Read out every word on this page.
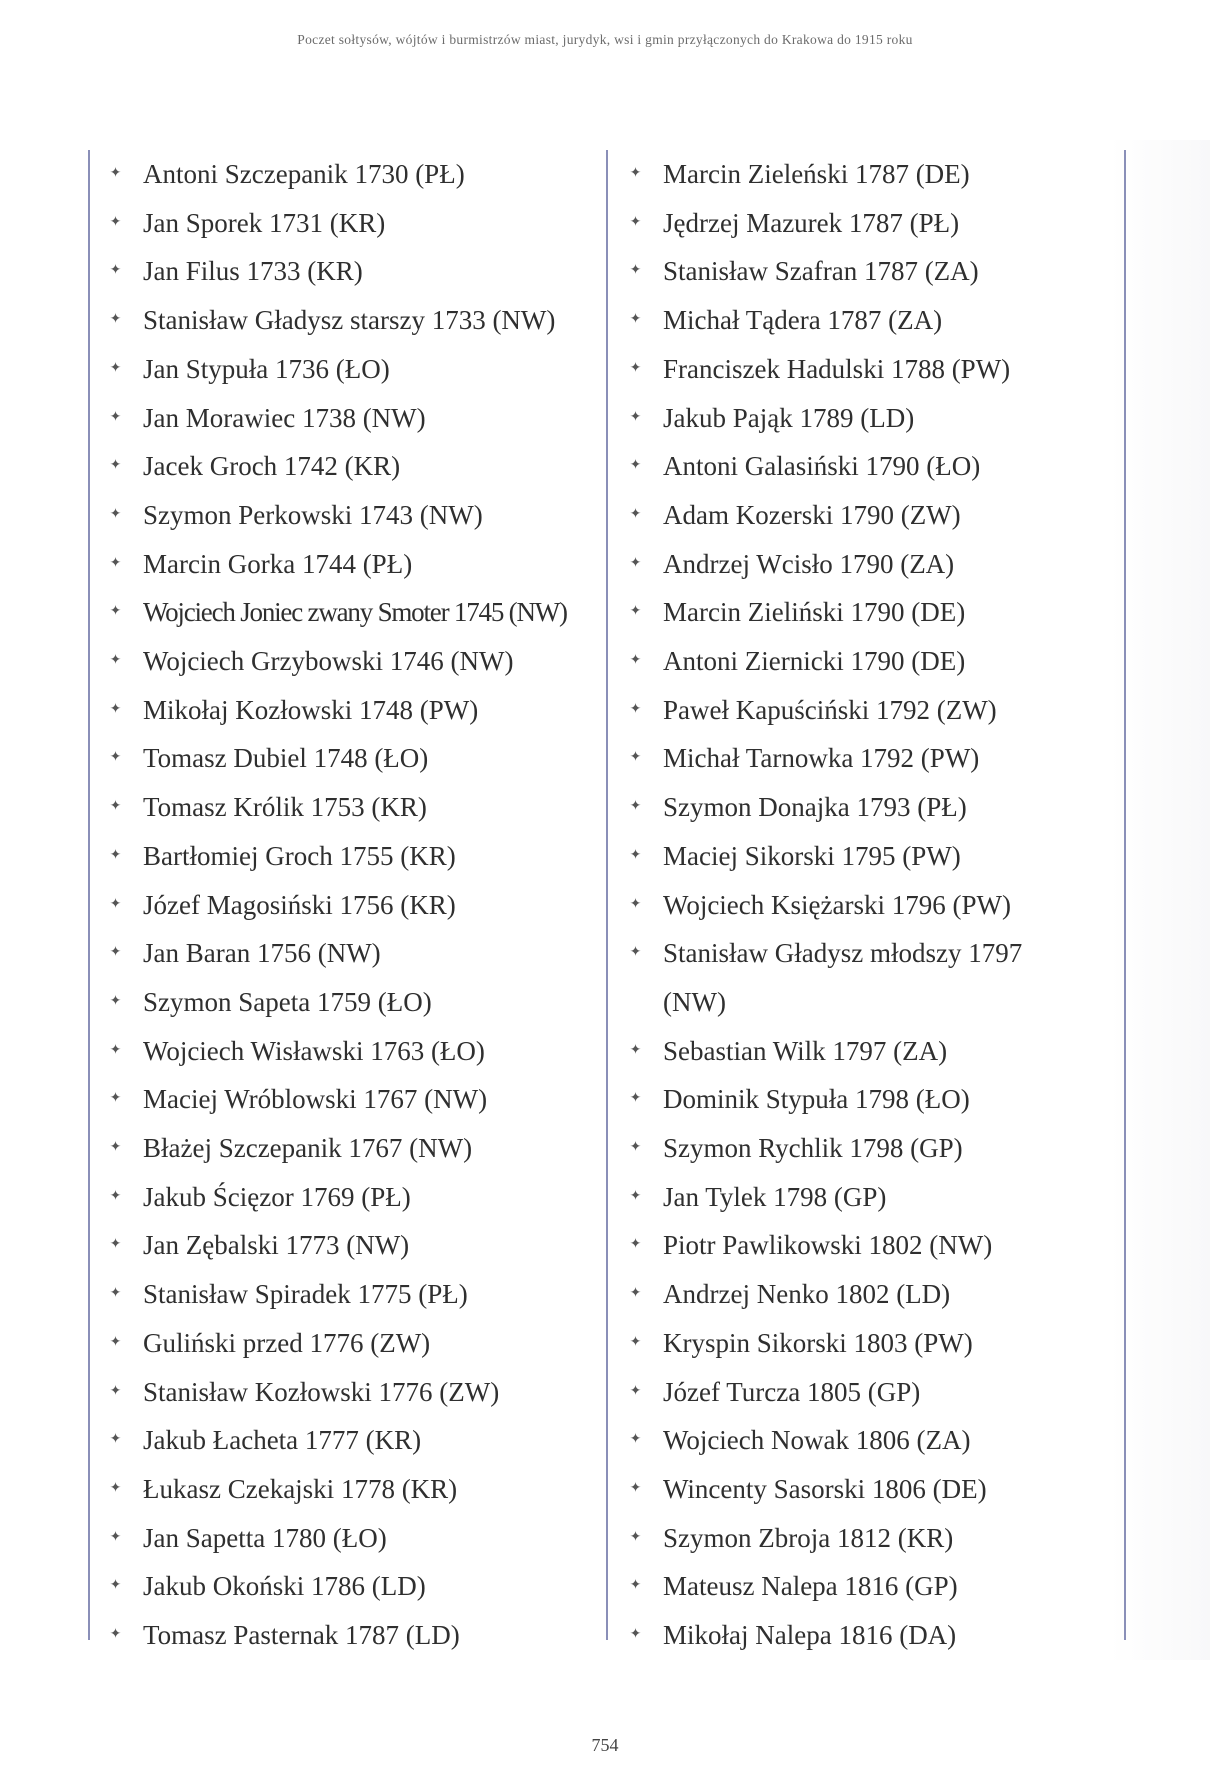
Poczet sołtysów, wójtów i burmistrzów miast, jurydyk, wsi i gmin przyłączonych do Krakowa do 1915 roku
✦ Antoni Szczepanik 1730 (PŁ)
✦ Jan Sporek 1731 (KR)
✦ Jan Filus 1733 (KR)
✦ Stanisław Gładysz starszy 1733 (NW)
✦ Jan Stypuła 1736 (ŁO)
✦ Jan Morawiec 1738 (NW)
✦ Jacek Groch 1742 (KR)
✦ Szymon Perkowski 1743 (NW)
✦ Marcin Gorka 1744 (PŁ)
✦ Wojciech Joniec zwany Smoter 1745 (NW)
✦ Wojciech Grzybowski 1746 (NW)
✦ Mikołaj Kozłowski 1748 (PW)
✦ Tomasz Dubiel 1748 (ŁO)
✦ Tomasz Królik 1753 (KR)
✦ Bartłomiej Groch 1755 (KR)
✦ Józef Magosiński 1756 (KR)
✦ Jan Baran 1756 (NW)
✦ Szymon Sapeta 1759 (ŁO)
✦ Wojciech Wisławski 1763 (ŁO)
✦ Maciej Wróblowski 1767 (NW)
✦ Błażej Szczepanik 1767 (NW)
✦ Jakub Ścięzor 1769 (PŁ)
✦ Jan Zębalski 1773 (NW)
✦ Stanisław Spiradek 1775 (PŁ)
✦ Guliński przed 1776 (ZW)
✦ Stanisław Kozłowski 1776 (ZW)
✦ Jakub Łacheta 1777 (KR)
✦ Łukasz Czekajski 1778 (KR)
✦ Jan Sapetta 1780 (ŁO)
✦ Jakub Okoński 1786 (LD)
✦ Tomasz Pasternak 1787 (LD)
✦ Marcin Zieleński 1787 (DE)
✦ Jędrzej Mazurek 1787 (PŁ)
✦ Stanisław Szafran 1787 (ZA)
✦ Michał Tądera 1787 (ZA)
✦ Franciszek Hadulski 1788 (PW)
✦ Jakub Pająk 1789 (LD)
✦ Antoni Galasiński 1790 (ŁO)
✦ Adam Kozerski 1790 (ZW)
✦ Andrzej Wcisło 1790 (ZA)
✦ Marcin Zieliński 1790 (DE)
✦ Antoni Ziernicki 1790 (DE)
✦ Paweł Kapuściński 1792 (ZW)
✦ Michał Tarnowka 1792 (PW)
✦ Szymon Donajka 1793 (PŁ)
✦ Maciej Sikorski 1795 (PW)
✦ Wojciech Księżarski 1796 (PW)
✦ Stanisław Gładysz młodszy 1797 (NW)
✦ Sebastian Wilk 1797 (ZA)
✦ Dominik Stypuła 1798 (ŁO)
✦ Szymon Rychlik 1798 (GP)
✦ Jan Tylek 1798 (GP)
✦ Piotr Pawlikowski 1802 (NW)
✦ Andrzej Nenko 1802 (LD)
✦ Kryspin Sikorski 1803 (PW)
✦ Józef Turcza 1805 (GP)
✦ Wojciech Nowak 1806 (ZA)
✦ Wincenty Sasorski 1806 (DE)
✦ Szymon Zbroja 1812 (KR)
✦ Mateusz Nalepa 1816 (GP)
✦ Mikołaj Nalepa 1816 (DA)
754
